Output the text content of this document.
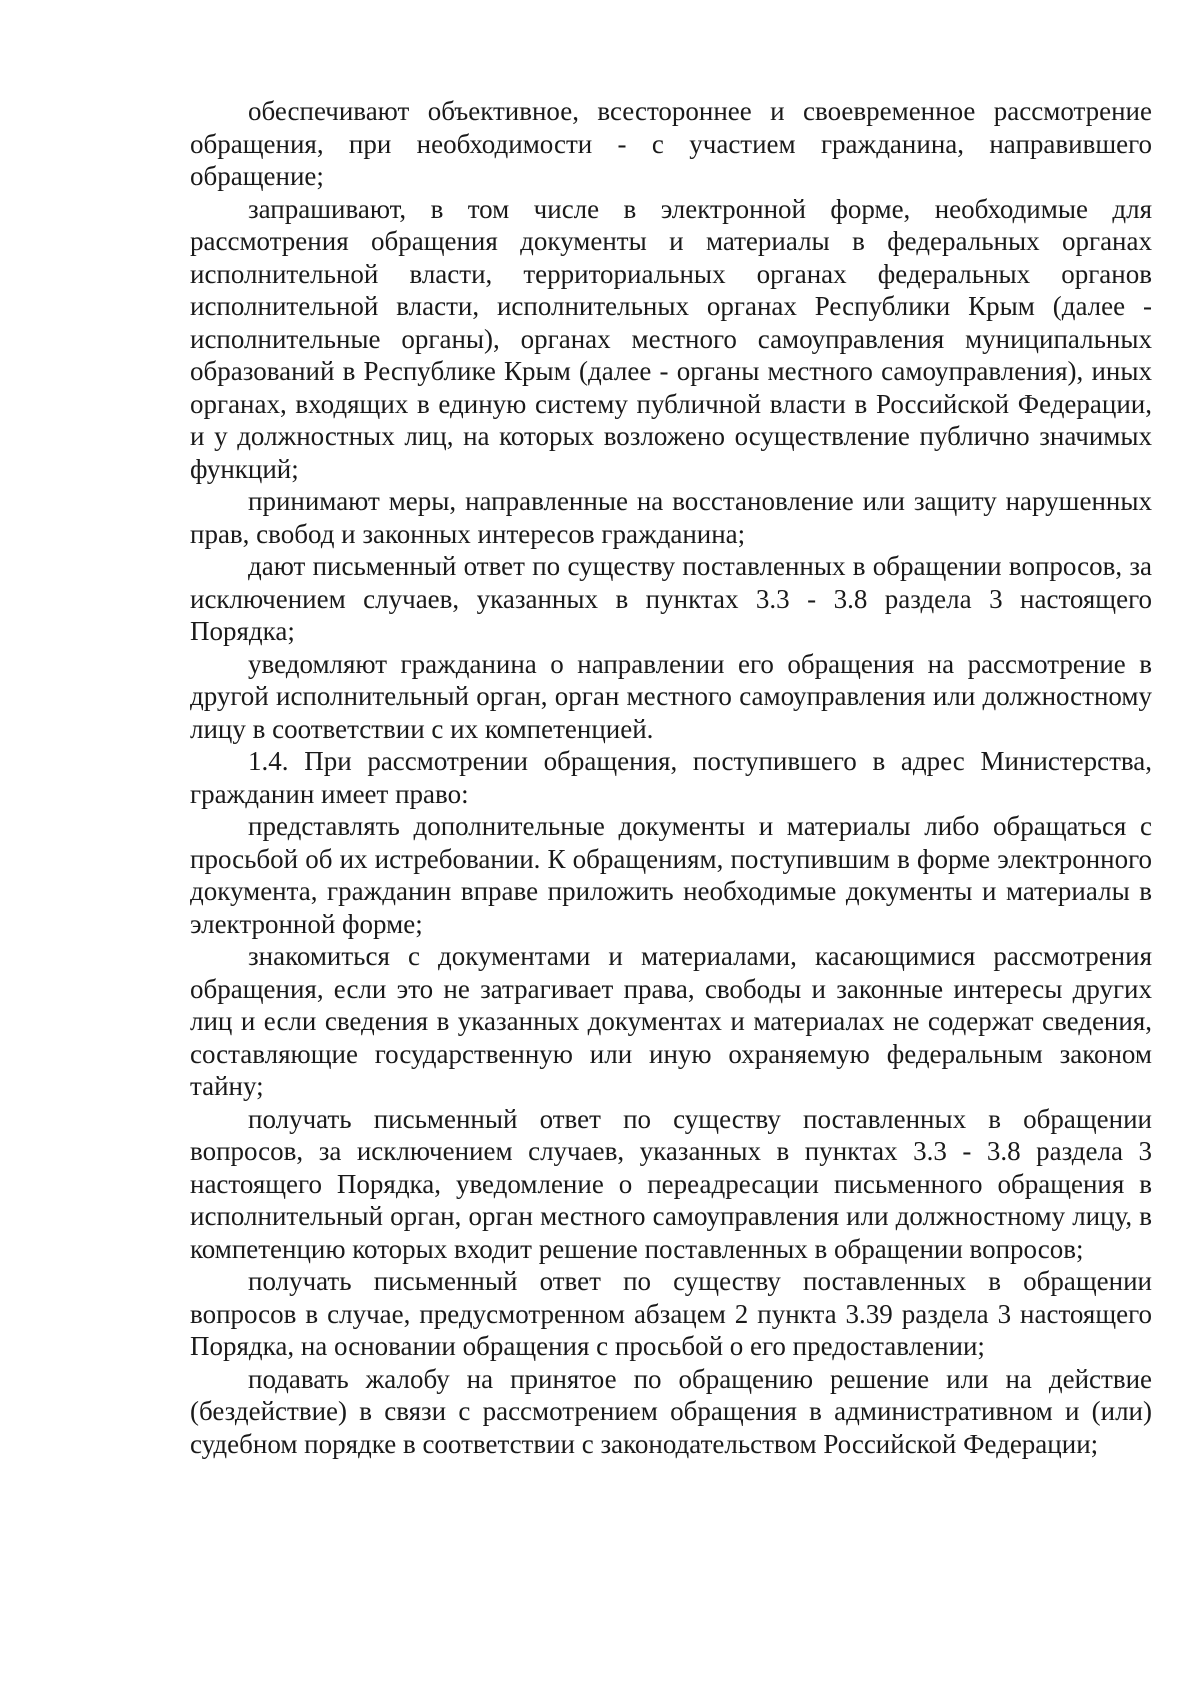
обеспечивают объективное, всестороннее и своевременное рассмотрение обращения, при необходимости - с участием гражданина, направившего обращение;

запрашивают, в том числе в электронной форме, необходимые для рассмотрения обращения документы и материалы в федеральных органах исполнительной власти, территориальных органах федеральных органов исполнительной власти, исполнительных органах Республики Крым (далее - исполнительные органы), органах местного самоуправления муниципальных образований в Республике Крым (далее - органы местного самоуправления), иных органах, входящих в единую систему публичной власти в Российской Федерации, и у должностных лиц, на которых возложено осуществление публично значимых функций;

принимают меры, направленные на восстановление или защиту нарушенных прав, свобод и законных интересов гражданина;

дают письменный ответ по существу поставленных в обращении вопросов, за исключением случаев, указанных в пунктах 3.3 - 3.8 раздела 3 настоящего Порядка;

уведомляют гражданина о направлении его обращения на рассмотрение в другой исполнительный орган, орган местного самоуправления или должностному лицу в соответствии с их компетенцией.

1.4. При рассмотрении обращения, поступившего в адрес Министерства, гражданин имеет право:

представлять дополнительные документы и материалы либо обращаться с просьбой об их истребовании. К обращениям, поступившим в форме электронного документа, гражданин вправе приложить необходимые документы и материалы в электронной форме;

знакомиться с документами и материалами, касающимися рассмотрения обращения, если это не затрагивает права, свободы и законные интересы других лиц и если сведения в указанных документах и материалах не содержат сведения, составляющие государственную или иную охраняемую федеральным законом тайну;

получать письменный ответ по существу поставленных в обращении вопросов, за исключением случаев, указанных в пунктах 3.3 - 3.8 раздела 3 настоящего Порядка, уведомление о переадресации письменного обращения в исполнительный орган, орган местного самоуправления или должностному лицу, в компетенцию которых входит решение поставленных в обращении вопросов;

получать письменный ответ по существу поставленных в обращении вопросов в случае, предусмотренном абзацем 2 пункта 3.39 раздела 3 настоящего Порядка, на основании обращения с просьбой о его предоставлении;

подавать жалобу на принятое по обращению решение или на действие (бездействие) в связи с рассмотрением обращения в административном и (или) судебном порядке в соответствии с законодательством Российской Федерации;
